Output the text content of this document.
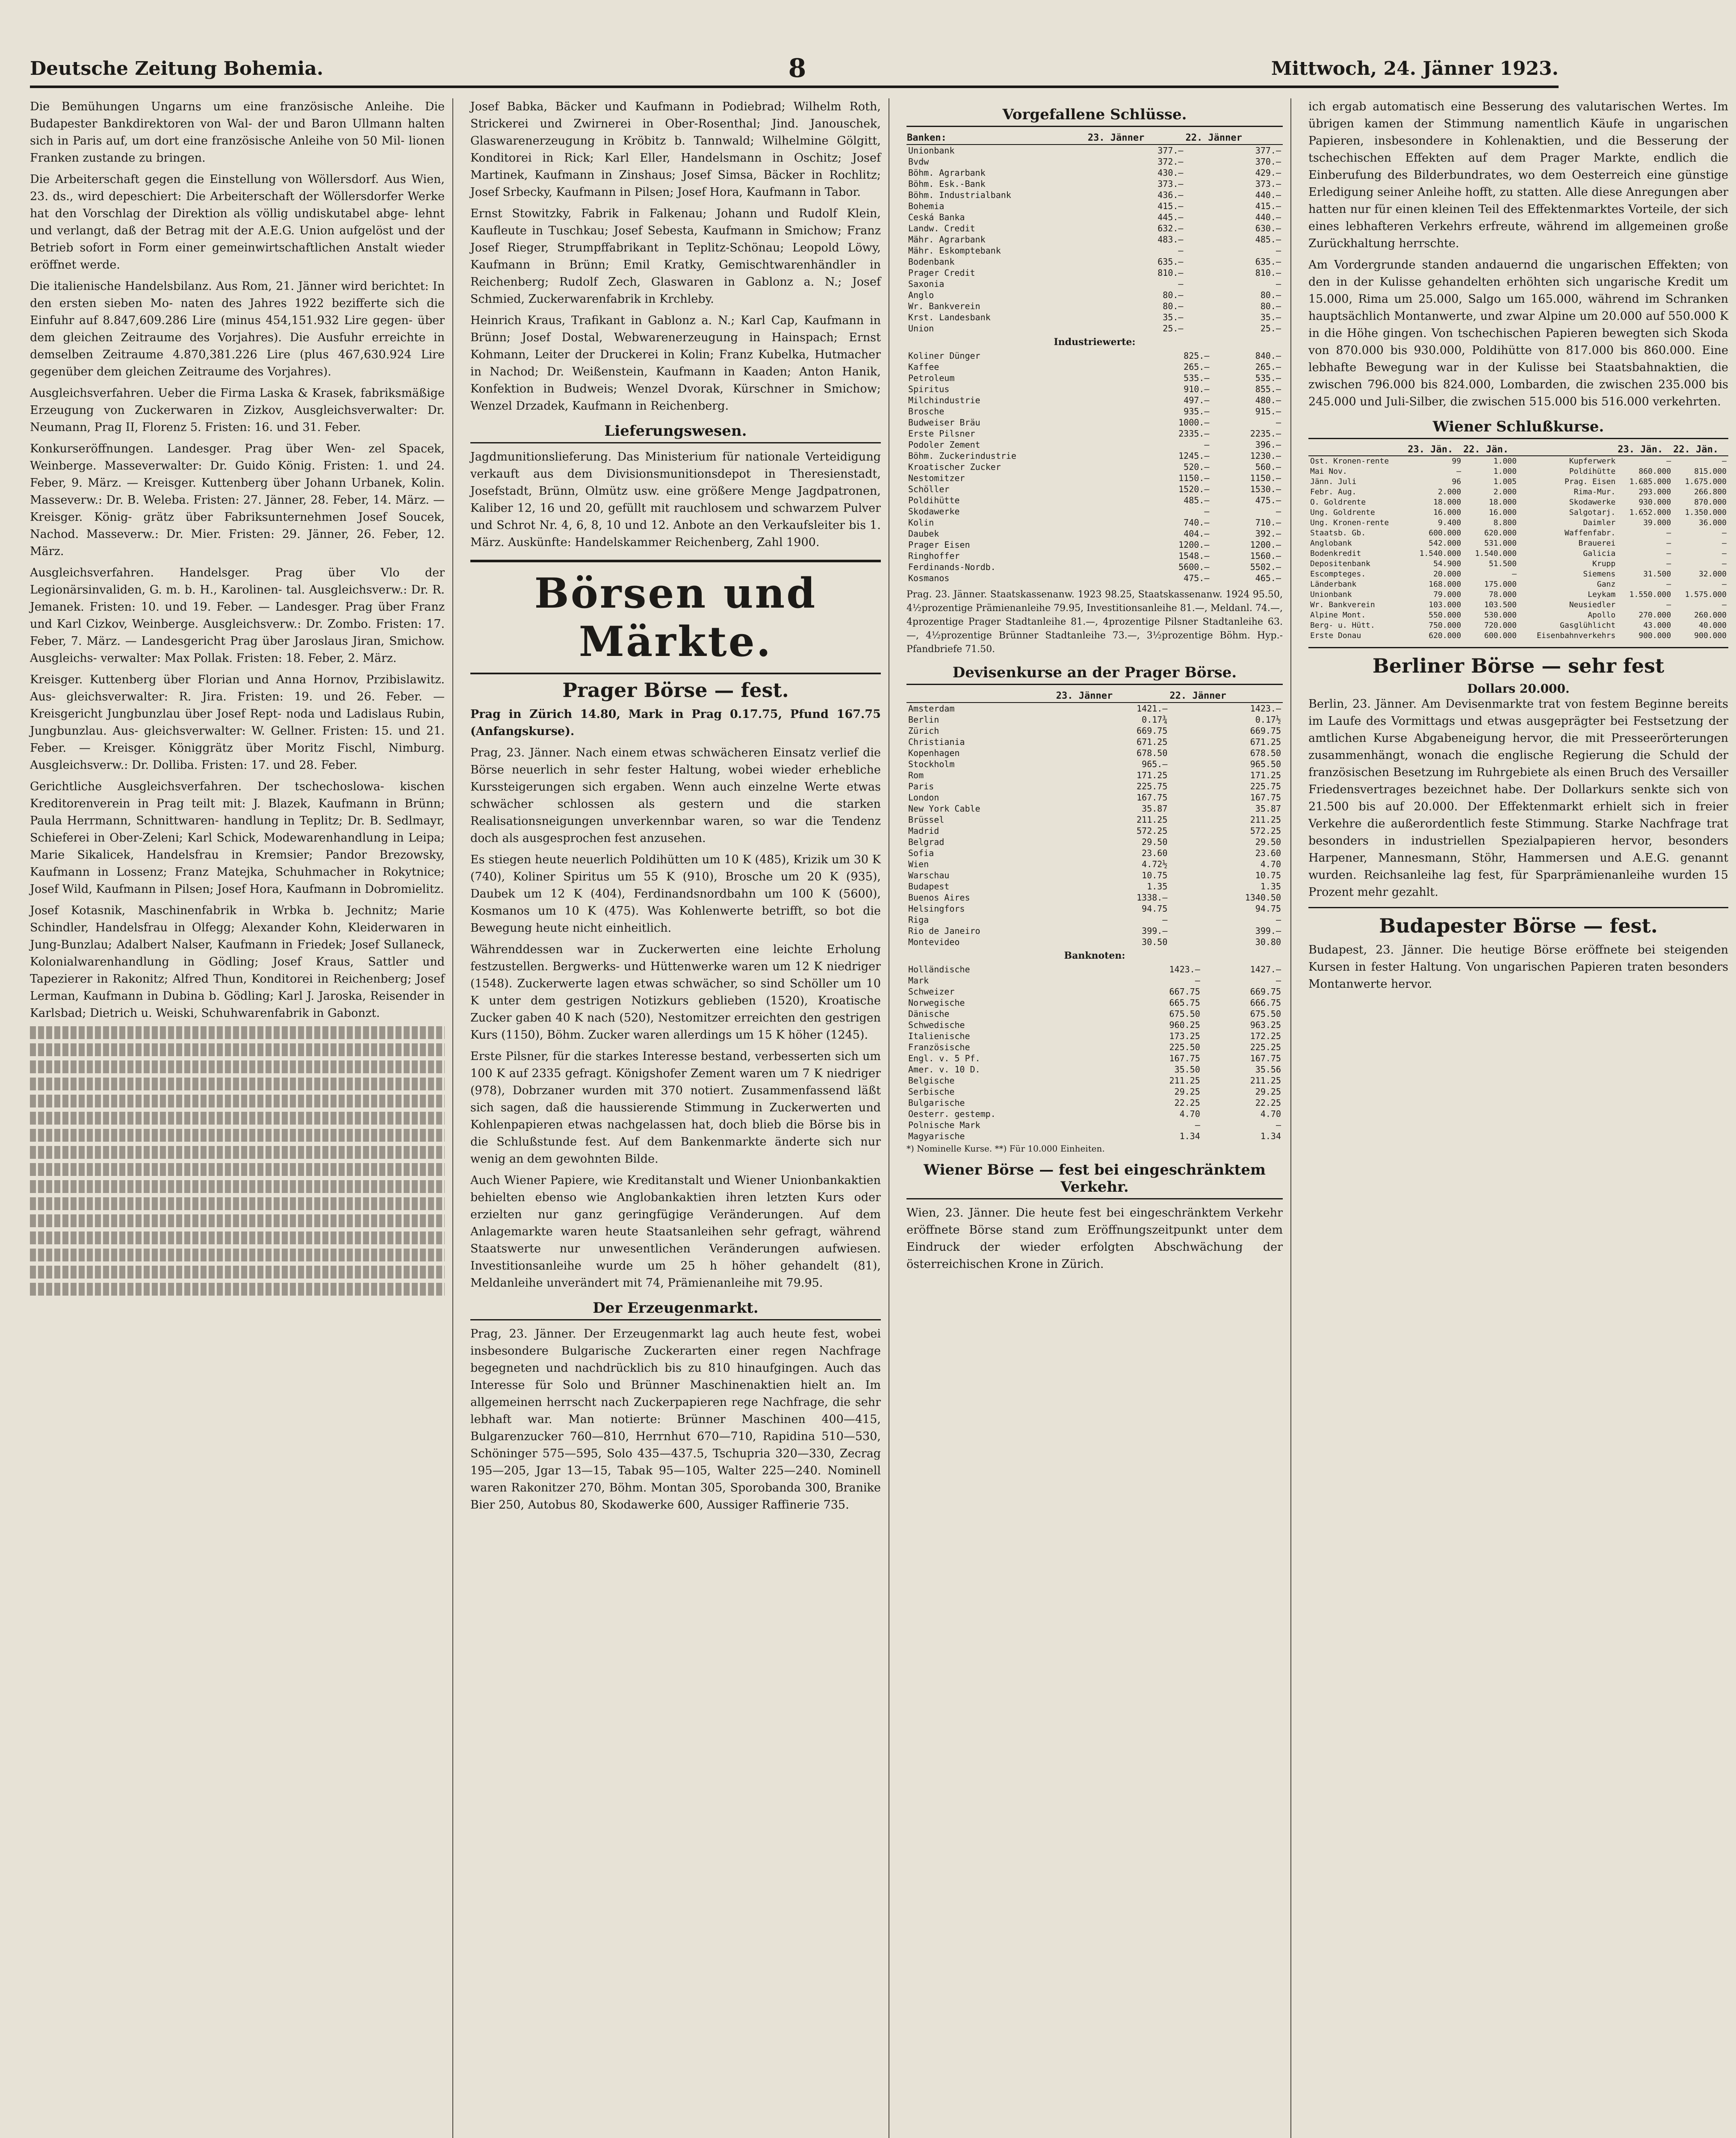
Deutsche Zeitung Bohemia.	8	Mittwoch, 24. Jänner 1923.

Die Bemühungen Ungarns um eine französische Anleihe. Die Budapester Bankdirektoren von Wal- der und Baron Ullmann halten sich in Paris auf, um dort eine französische Anleihe von 50 Mil- lionen Franken zustande zu bringen.

Die Arbeiterschaft gegen die Einstellung von Wöllersdorf. Aus Wien, 23. ds., wird depeschiert: Die Arbeiterschaft der Wöllersdorfer Werke hat den Vorschlag der Direktion als völlig undiskutabel abge- lehnt und verlangt, daß der Betrag mit der A.E.G. Union aufgelöst und der Betrieb sofort in Form einer gemeinwirtschaftlichen Anstalt wieder eröffnet werde.

Die italienische Handelsbilanz. Aus Rom, 21. Jänner wird berichtet: In den ersten sieben Mo- naten des Jahres 1922 bezifferte sich die Einfuhr auf 8.847,609.286 Lire (minus 454,151.932 Lire gegen- über dem gleichen Zeitraume des Vorjahres). Die Ausfuhr erreichte in demselben Zeitraume 4.870,381.226 Lire (plus 467,630.924 Lire gegenüber dem gleichen Zeitraume des Vorjahres).

Ausgleichsverfahren. Ueber die Firma Laska & Krasek, fabriksmäßige Erzeugung von Zuckerwaren in Zizkov, Ausgleichsverwalter: Dr. Neumann, Prag II, Florenz 5. Fristen: 16. und 31. Feber.

Konkurseröffnungen. Landesger. Prag über Wen- zel Spacek, Weinberge. Masseverwalter: Dr. Guido König. Fristen: 1. und 24. Feber, 9. März. — Kreisger. Kuttenberg über Johann Urbanek, Kolin. Masseverw.: Dr. B. Weleba. Fristen: 27. Jänner, 28. Feber, 14. März. — Kreisger. König- grätz über Fabriksunternehmen Josef Soucek, Nachod. Masseverw.: Dr. Mier. Fristen: 29. Jänner, 26. Feber, 12. März.

Ausgleichsverfahren. Handelsger. Prag über Vlo der Legionärsinvaliden, G. m. b. H., Karolinen- tal. Ausgleichsverw.: Dr. R. Jemanek. Fristen: 10. und 19. Feber. — Landesger. Prag über Franz und Karl Cizkov, Weinberge. Ausgleichsverw.: Dr. Zombo. Fristen: 17. Feber, 7. März. — Landesgericht Prag über Jaroslaus Jiran, Smichow. Ausgleichs- verwalter: Max Pollak. Fristen: 18. Feber, 2. März.

Kreisger. Kuttenberg über Florian und Anna Hornov, Przibislawitz. Aus- gleichsverwalter: R. Jira. Fristen: 19. und 26. Feber. — Kreisgericht Jungbunzlau über Josef Rept- noda und Ladislaus Rubin, Jungbunzlau. Aus- gleichsverwalter: W. Gellner. Fristen: 15. und 21. Feber. — Kreisger. Königgrätz über Moritz Fischl, Nimburg. Ausgleichsverw.: Dr. Dolliba. Fristen: 17. und 28. Feber.

Gerichtliche Ausgleichsverfahren. Der tschechoslowa- kischen Kreditorenverein in Prag teilt mit: J. Blazek, Kaufmann in Brünn; Paula Herrmann, Schnittwaren- handlung in Teplitz; Dr. B. Sedlmayr, Schieferei in Ober-Zeleni; Karl Schick, Modewarenhandlung in Leipa; Marie Sikalicek, Handelsfrau in Kremsier; Pandor Brezowsky, Kaufmann in Lossenz; Franz Matejka, Schuhmacher in Rokytnice; Josef Wild, Kaufmann in Pilsen; Josef Hora, Kaufmann in Dobromielitz.

Josef Kotasnik, Maschinenfabrik in Wrbka b. Jechnitz; Marie Schindler, Handelsfrau in Olfegg; Alexander Kohn, Kleiderwaren in Jung-Bunzlau; Adalbert Nalser, Kaufmann in Friedek; Josef Sullaneck, Kolonialwarenhandlung in Gödling; Josef Kraus, Sattler und Tapezierer in Rakonitz; Alfred Thun, Konditorei in Reichenberg; Josef Lerman, Kaufmann in Dubina b. Gödling; Karl J. Jaroska, Reisender in Karlsbad; Dietrich u. Weiski, Schuhwarenfabrik in Gabonzt.

Josef Babka, Bäcker und Kaufmann in Podiebrad; Wilhelm Roth, Strickerei und Zwirnerei in Ober-Rosenthal; Jind. Janouschek, Glaswarenerzeugung in Kröbitz b. Tannwald; Wilhelmine Gölgitt, Konditorei in Rick; Karl Eller, Handelsmann in Oschitz; Josef Martinek, Kaufmann in Zinshaus; Josef Simsa, Bäcker in Rochlitz; Josef Srbecky, Kaufmann in Pilsen; Josef Hora, Kaufmann in Tabor.

Ernst Stowitzky, Fabrik in Falkenau; Johann und Rudolf Klein, Kaufleute in Tuschkau; Josef Sebesta, Kaufmann in Smichow; Franz Josef Rieger, Strumpffabrikant in Teplitz-Schönau; Leopold Löwy, Kaufmann in Brünn; Emil Kratky, Gemischtwarenhändler in Reichenberg; Rudolf Zech, Glaswaren in Gablonz a. N.; Josef Schmied, Zuckerwarenfabrik in Krchleby.

Heinrich Kraus, Trafikant in Gablonz a. N.; Karl Cap, Kaufmann in Brünn; Josef Dostal, Webwarenerzeugung in Hainspach; Ernst Kohmann, Leiter der Druckerei in Kolin; Franz Kubelka, Hutmacher in Nachod; Dr. Weißenstein, Kaufmann in Kaaden; Anton Hanik, Konfektion in Budweis; Wenzel Dvorak, Kürschner in Smichow; Wenzel Drzadek, Kaufmann in Reichenberg.

Lieferungswesen.

Jagdmunitionslieferung. Das Ministerium für nationale Verteidigung verkauft aus dem Divisionsmunitionsdepot in Theresienstadt, Josefstadt, Brünn, Olmütz usw. eine größere Menge Jagdpatronen, Kaliber 12, 16 und 20, gefüllt mit rauchlosem und schwarzem Pulver und Schrot Nr. 4, 6, 8, 10 und 12. Anbote an den Verkaufsleiter bis 1. März. Auskünfte: Handelskammer Reichenberg, Zahl 1900.

Börsen und Märkte.
Prager Börse — fest.

Prag in Zürich 14.80, Mark in Prag 0.17.75, Pfund 167.75 (Anfangskurse).

Prag, 23. Jänner. Nach einem etwas schwächeren Einsatz verlief die Börse neuerlich in sehr fester Haltung, wobei wieder erhebliche Kurssteigerungen sich ergaben. Wenn auch einzelne Werte etwas schwächer schlossen als gestern und die starken Realisationsneigungen unverkennbar waren, so war die Tendenz doch als ausgesprochen fest anzusehen.

Es stiegen heute neuerlich Poldihütten um 10 K (485), Krizik um 30 K (740), Koliner Spiritus um 55 K (910), Brosche um 20 K (935), Daubek um 12 K (404), Ferdinandsnordbahn um 100 K (5600), Kosmanos um 10 K (475). Was Kohlenwerte betrifft, so bot die Bewegung heute nicht einheitlich.

Währenddessen war in Zuckerwerten eine leichte Erholung festzustellen. Bergwerks- und Hüttenwerke waren um 12 K niedriger (1548). Zuckerwerte lagen etwas schwächer, so sind Schöller um 10 K unter dem gestrigen Notizkurs geblieben (1520), Kroatische Zucker gaben 40 K nach (520), Nestomitzer erreichten den gestrigen Kurs (1150), Böhm. Zucker waren allerdings um 15 K höher (1245).

Erste Pilsner, für die starkes Interesse bestand, verbesserten sich um 100 K auf 2335 gefragt. Königshofer Zement waren um 7 K niedriger (978), Dobrzaner wurden mit 370 notiert. Zusammenfassend läßt sich sagen, daß die haussierende Stimmung in Zuckerwerten und Kohlenpapieren etwas nachgelassen hat, doch blieb die Börse bis in die Schlußstunde fest. Auf dem Bankenmarkte änderte sich nur wenig an dem gewohnten Bilde.

Auch Wiener Papiere, wie Kreditanstalt und Wiener Unionbankaktien behielten ebenso wie Anglobankaktien ihren letzten Kurs oder erzielten nur ganz geringfügige Veränderungen. Auf dem Anlagemarkte waren heute Staatsanleihen sehr gefragt, während Staatswerte nur unwesentlichen Veränderungen aufwiesen. Investitionsanleihe wurde um 25 h höher gehandelt (81), Meldanleihe unverändert mit 74, Prämienanleihe mit 79.95.

Der Erzeugenmarkt.

Prag, 23. Jänner. Der Erzeugenmarkt lag auch heute fest, wobei insbesondere Bulgarische Zuckerarten einer regen Nachfrage begegneten und nachdrücklich bis zu 810 hinaufgingen. Auch das Interesse für Solo und Brünner Maschinenaktien hielt an. Im allgemeinen herrscht nach Zuckerpapieren rege Nachfrage, die sehr lebhaft war. Man notierte: Brünner Maschinen 400—415, Bulgarenzucker 760—810, Herrnhut 670—710, Rapidina 510—530, Schöninger 575—595, Solo 435—437.5, Tschupria 320—330, Zecrag 195—205, Jgar 13—15, Tabak 95—105, Walter 225—240. Nominell waren Rakonitzer 270, Böhm. Montan 305, Sporobanda 300, Branike Bier 250, Autobus 80, Skodawerke 600, Aussiger Raffinerie 735.

Vorgefallene Schlüsse.
Banken:	23. Jänner	22. Jänner
Unionbank	377.—	377.—
Bvdw	372.—	370.—
Böhm. Agrarbank	430.—	429.—
Böhm. Esk.-Bank	373.—	373.—
Böhm. Industrialbank	436.—	440.—
Bohemia	415.—	415.—
Ceská Banka	445.—	440.—
Landw. Credit	632.—	630.—
Mähr. Agrarbank	483.—	485.—
Mähr. Eskomptebank	—	—
Bodenbank	635.—	635.—
Prager Credit	810.—	810.—
Saxonia	—	—
Anglo	80.—	80.—
Wr. Bankverein	80.—	80.—
Krst. Landesbank	35.—	35.—
Union	25.—	25.—
Industriewerte:
Koliner Dünger	825.—	840.—
Kaffee	265.—	265.—
Petroleum	535.—	535.—
Spiritus	910.—	855.—
Milchindustrie	497.—	480.—
Brosche	935.—	915.—
Budweiser Bräu	1000.—	—
Erste Pilsner	2335.—	2235.—
Podoler Zement	—	396.—
Böhm. Zuckerindustrie	1245.—	1230.—
Kroatischer Zucker	520.—	560.—
Nestomitzer	1150.—	1150.—
Schöller	1520.—	1530.—
Poldihütte	485.—	475.—
Skodawerke	—	—
Kolin	740.—	710.—
Daubek	404.—	392.—
Prager Eisen	1200.—	1200.—
Ringhoffer	1548.—	1560.—
Ferdinands-Nordb.	5600.—	5502.—
Kosmanos	475.—	465.—

Prag. 23. Jänner. Staatskassenanw. 1923 98.25, Staatskassenanw. 1924 95.50, 4½prozentige Prämienanleihe 79.95, Investitionsanleihe 81.—, Meldanl. 74.—, 4prozentige Prager Stadtanleihe 81.—, 4prozentige Pilsner Stadtanleihe 63.—, 4½prozentige Brünner Stadtanleihe 73.—, 3½prozentige Böhm. Hyp.-Pfandbriefe 71.50.

Devisenkurse an der Prager Börse.
	23. Jänner	22. Jänner
Amsterdam	1421.—	1423.—
Berlin	0.17¾	0.17½
Zürich	669.75	669.75
Christiania	671.25	671.25
Kopenhagen	678.50	678.50
Stockholm	965.—	965.50
Rom	171.25	171.25
Paris	225.75	225.75
London	167.75	167.75
New York Cable	35.87	35.87
Brüssel	211.25	211.25
Madrid	572.25	572.25
Belgrad	29.50	29.50
Sofia	23.60	23.60
Wien	4.72½	4.70
Warschau	10.75	10.75
Budapest	1.35	1.35
Buenos Aires	1338.—	1340.50
Helsingfors	94.75	94.75
Riga	—	—
Rio de Janeiro	399.—	399.—
Montevideo	30.50	30.80
Banknoten:
Holländische	1423.—	1427.—
Mark	—	—
Schweizer	667.75	669.75
Norwegische	665.75	666.75
Dänische	675.50	675.50
Schwedische	960.25	963.25
Italienische	173.25	172.25
Französische	225.50	225.25
Engl. v. 5 Pf.	167.75	167.75
Amer. v. 10 D.	35.50	35.56
Belgische	211.25	211.25
Serbische	29.25	29.25
Bulgarische	22.25	22.25
Oesterr. gestemp.	4.70	4.70
Polnische Mark	—	—
Magyarische	1.34	1.34
*) Nominelle Kurse. **) Für 10.000 Einheiten.
Wiener Börse — fest bei eingeschränktem Verkehr.

Wien, 23. Jänner. Die heute fest bei eingeschränktem Verkehr eröffnete Börse stand zum Eröffnungszeitpunkt unter dem Eindruck der wieder erfolgten Abschwächung der österreichischen Krone in Zürich.

ich ergab automatisch eine Besserung des valutarischen Wertes. Im übrigen kamen der Stimmung namentlich Käufe in ungarischen Papieren, insbesondere in Kohlenaktien, und die Besserung der tschechischen Effekten auf dem Prager Markte, endlich die Einberufung des Bilderbundrates, wo dem Oesterreich eine günstige Erledigung seiner Anleihe hofft, zu statten. Alle diese Anregungen aber hatten nur für einen kleinen Teil des Effektenmarktes Vorteile, der sich eines lebhafteren Verkehrs erfreute, während im allgemeinen große Zurückhaltung herrschte.

Am Vordergrunde standen andauernd die ungarischen Effekten; von den in der Kulisse gehandelten erhöhten sich ungarische Kredit um 15.000, Rima um 25.000, Salgo um 165.000, während im Schranken hauptsächlich Montanwerte, und zwar Alpine um 20.000 auf 550.000 K in die Höhe gingen. Von tschechischen Papieren bewegten sich Skoda von 870.000 bis 930.000, Poldihütte von 817.000 bis 860.000. Eine lebhafte Bewegung war in der Kulisse bei Staatsbahnaktien, die zwischen 796.000 bis 824.000, Lombarden, die zwischen 235.000 bis 245.000 und Juli-Silber, die zwischen 515.000 bis 516.000 verkehrten.

Wiener Schlußkurse.
	23. Jän.	22. Jän.		23. Jän.	22. Jän.
Ost. Kronen-rente	99	1.000	Kupferwerk	—	—
Mai Nov.	—	1.000	Poldihütte	860.000	815.000
Jänn. Juli	96	1.005	Prag. Eisen	1.685.000	1.675.000
Febr. Aug.	2.000	2.000	Rima-Mur.	293.000	266.800
O. Goldrente	18.000	18.000	Skodawerke	930.000	870.000
Ung. Goldrente	16.000	16.000	Salgotarj.	1.652.000	1.350.000
Ung. Kronen-rente	9.400	8.800	Daimler	39.000	36.000
Staatsb. Gb.	600.000	620.000	Waffenfabr.	—	—
Anglobank	542.000	531.000	Brauerei	—	—
Bodenkredit	1.540.000	1.540.000	Galicia	—	—
Depositenbank	54.900	51.500	Krupp	—	—
Escompteges.	20.000	—	Siemens	31.500	32.000
Länderbank	168.000	175.000	Ganz	—	—
Unionbank	79.000	78.000	Leykam	1.550.000	1.575.000
Wr. Bankverein	103.000	103.500	Neusiedler	—	—
Alpine Mont.	550.000	530.000	Apollo	270.000	260.000
Berg- u. Hütt.	750.000	720.000	Gasglühlicht	43.000	40.000
Erste Donau	620.000	600.000	Eisenbahnverkehrs	900.000	900.000
Berliner Börse — sehr fest
Dollars 20.000.

Berlin, 23. Jänner. Am Devisenmarkte trat von festem Beginne bereits im Laufe des Vormittags und etwas ausgeprägter bei Festsetzung der amtlichen Kurse Abgabeneigung hervor, die mit Presseerörterungen zusammenhängt, wonach die englische Regierung die Schuld der französischen Besetzung im Ruhrgebiete als einen Bruch des Versailler Friedensvertrages bezeichnet habe. Der Dollarkurs senkte sich von 21.500 bis auf 20.000. Der Effektenmarkt erhielt sich in freier Verkehre die außerordentlich feste Stimmung. Starke Nachfrage trat besonders in industriellen Spezialpapieren hervor, besonders Harpener, Mannesmann, Stöhr, Hammersen und A.E.G. genannt wurden. Reichsanleihe lag fest, für Sparprämienanleihe wurden 15 Prozent mehr gezahlt.

Budapester Börse — fest.

Budapest, 23. Jänner. Die heutige Börse eröffnete bei steigenden Kursen in fester Haltung. Von ungarischen Papieren traten besonders Montanwerte hervor.
